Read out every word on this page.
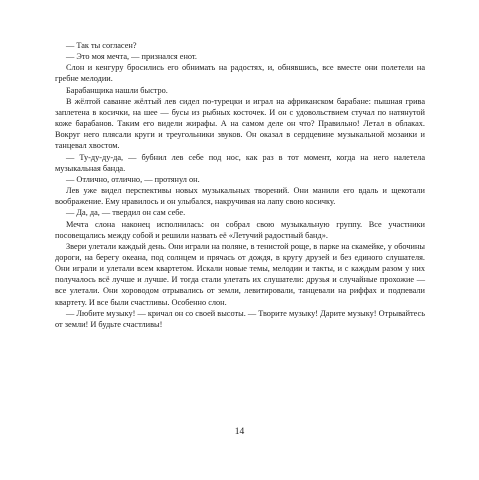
— Так ты согласен?

— Это моя мечта, — признался енот.

Слон и кенгуру бросились его обнимать на радостях, и, обнявшись, все вместе они полетели на гребне мелодии.

Барабанщика нашли быстро.

В жёлтой саванне жёлтый лев сидел по-турецки и играл на африканском барабане: пышная грива заплетена в косички, на шее — бусы из рыбных косточек. И он с удовольствием стучал по натянутой коже барабанов. Таким его видели жирафы. А на самом деле он что? Правильно! Летал в облаках. Вокруг него плясали круги и треугольники звуков. Он оказал в сердцевине музыкальной мозаики и танцевал хвостом.

— Ту-ду-ду-да, — бубнил лев себе под нос, как раз в тот момент, когда на него налетела музыкальная банда.

— Отлично, отлично, — протянул он.

Лев уже видел перспективы новых музыкальных творений. Они манили его вдаль и щекотали воображение. Ему нравилось и он улыбался, накручивая на лапу свою косичку.

— Да, да, — твердил он сам себе.

Мечта слона наконец исполнилась: он собрал свою музыкальную группу. Все участники посовещались между собой и решили назвать её «Летучий радостный банд».

Звери улетали каждый день. Они играли на поляне, в тенистой роще, в парке на скамейке, у обочины дороги, на берегу океана, под солнцем и прячась от дождя, в кругу друзей и без единого слушателя. Они играли и улетали всем квартетом. Искали новые темы, мелодии и такты, и с каждым разом у них получалось всё лучше и лучше. И тогда стали улетать их слушатели: друзья и случайные прохожие — все улетали. Они хороводом отрывались от земли, левитировали, танцевали на риффах и подпевали квартету. И все были счастливы. Особенно слон.

— Любите музыку! — кричал он со своей высоты. — Творите музыку! Дарите музыку! Отрывайтесь от земли! И будьте счастливы!

14
